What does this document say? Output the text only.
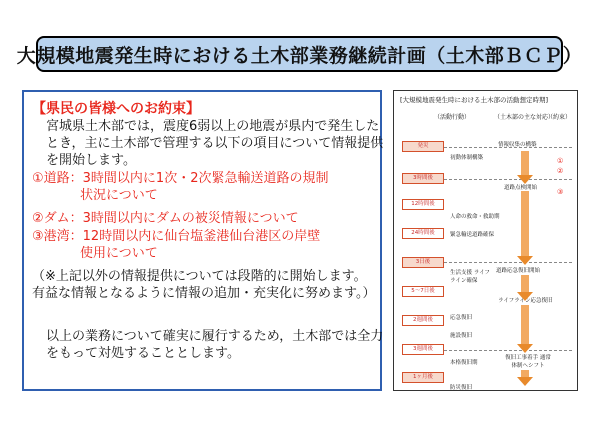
大規模地震発生時における土木部業務継続計画（土木部ＢＣＰ）
【県民の皆様へのお約束】
宮城県土木部では，震度6弱以上の地震が県内で発生したとき，主に土木部で管理する以下の項目について情報提供を開始します。
①道路：3時間以内に1次・2次緊急輸送道路の規制
状況について
②ダム：3時間以内にダムの被災情報について
③港湾：12時間以内に仙台塩釜港仙台港区の岸壁
使用について
（※上記以外の情報提供については段階的に開始します。有益な情報となるように情報の追加・充実化に努めます。）
以上の業務について確実に履行するため，土木部では全力をもって対処することとします。
[大規模地震発生時における土木部の活動想定時期]
（活動行動）	（土木部の主な対応）
（約束）
発災
3時間後
12時間後
24時間後
3日後
5～7日後
2週間後
3週間後
1ヶ月後
初動体制構築
人命の救命・救助期
緊急輸送道路確保
生活支援 ライフライン確保
応急復旧
施設復旧
本格復旧期
防災復旧
情報収集の構築
道路点検開始
道路応急復旧開始
ライフライン応急復旧
復旧工事着手 通常体制へシフト
①
②
③
